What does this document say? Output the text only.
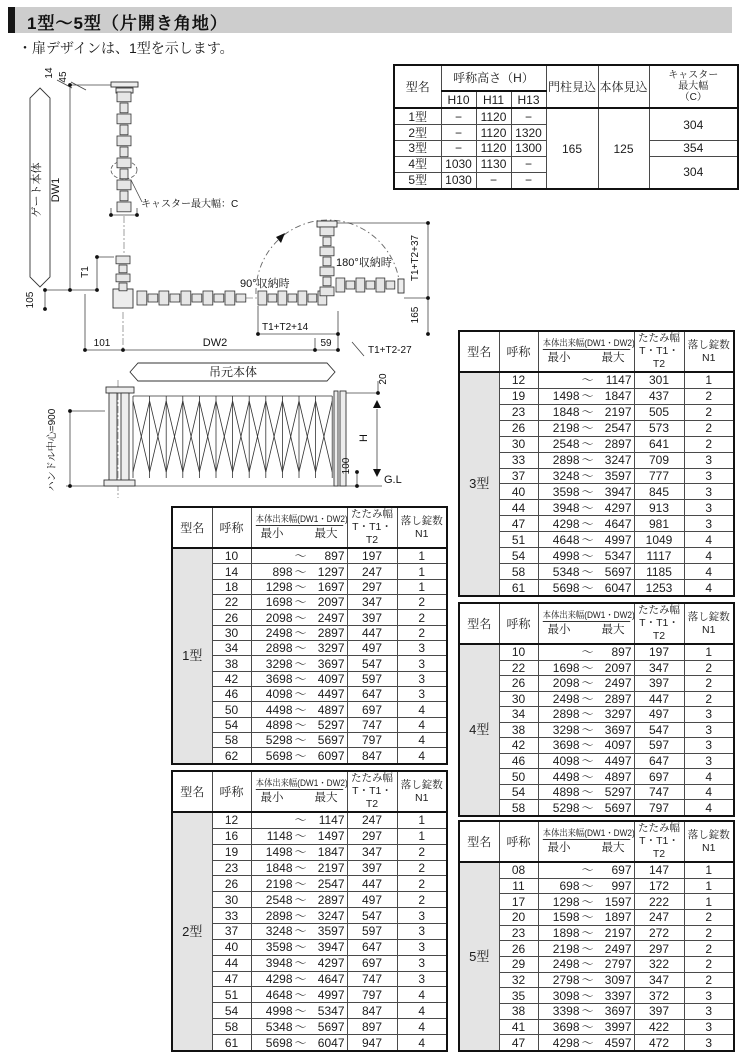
1型～5型（片開き角地）
・扉デザインは、1型を示します。
ゲート本体
14 45
DW1
キャスター最大幅：C
T1
105
90°収納時
180°収納時 T1+T2+37
165
T1+T2+14
101	DW2	59
T1+T2-27
吊元本体
ハンドル中心=900
20
H
100
G.L
型名	呼称高さ（H）			門柱見込	本体見込	キャスター
最大幅
（C）

	H10	H11	H13			
1型	−	1120	−	165	125	304
2型	−	1120	1320			
3型	−	1120	1300			354
4型	1030	1130	−			304
5型	1030	−	−			
型名	呼称	本体出来幅(DW1・DW2)
最小 最大	たたみ幅
T・T1・T2	落し錠数
N1
1型	10	～ 897	197	1
	14	898 ～ 1297	247	1
	18	1298 ～ 1697	297	1
	22	1698 ～ 2097	347	2
	26	2098 ～ 2497	397	2
	30	2498 ～ 2897	447	2
	34	2898 ～ 3297	497	3
	38	3298 ～ 3697	547	3
	42	3698 ～ 4097	597	3
	46	4098 ～ 4497	647	3
	50	4498 ～ 4897	697	4
	54	4898 ～ 5297	747	4
	58	5298 ～ 5697	797	4
	62	5698 ～ 6097	847	4
型名	呼称	本体出来幅(DW1・DW2)
最小 最大	たたみ幅
T・T1・T2	落し錠数
N1
2型	12	～ 1147	247	1
	16	1148 ～ 1497	297	1
	19	1498 ～ 1847	347	2
	23	1848 ～ 2197	397	2
	26	2198 ～ 2547	447	2
	30	2548 ～ 2897	497	2
	33	2898 ～ 3247	547	3
	37	3248 ～ 3597	597	3
	40	3598 ～ 3947	647	3
	44	3948 ～ 4297	697	3
	47	4298 ～ 4647	747	3
	51	4648 ～ 4997	797	4
	54	4998 ～ 5347	847	4
	58	5348 ～ 5697	897	4
	61	5698 ～ 6047	947	4
型名	呼称	本体出来幅(DW1・DW2)
最小 最大	たたみ幅
T・T1・T2	落し錠数
N1
3型	12	～ 1147	301	1
	19	1498 ～ 1847	437	2
	23	1848 ～ 2197	505	2
	26	2198 ～ 2547	573	2
	30	2548 ～ 2897	641	2
	33	2898 ～ 3247	709	3
	37	3248 ～ 3597	777	3
	40	3598 ～ 3947	845	3
	44	3948 ～ 4297	913	3
	47	4298 ～ 4647	981	3
	51	4648 ～ 4997	1049	4
	54	4998 ～ 5347	1117	4
	58	5348 ～ 5697	1185	4
	61	5698 ～ 6047	1253	4
型名	呼称	本体出来幅(DW1・DW2)
最小 最大	たたみ幅
T・T1・T2	落し錠数
N1
4型	10	～ 897	197	1
	22	1698 ～ 2097	347	2
	26	2098 ～ 2497	397	2
	30	2498 ～ 2897	447	2
	34	2898 ～ 3297	497	3
	38	3298 ～ 3697	547	3
	42	3698 ～ 4097	597	3
	46	4098 ～ 4497	647	3
	50	4498 ～ 4897	697	4
	54	4898 ～ 5297	747	4
	58	5298 ～ 5697	797	4
型名	呼称	本体出来幅(DW1・DW2)
最小 最大	たたみ幅
T・T1・T2	落し錠数
N1
5型	08	～ 697	147	1
	11	698 ～ 997	172	1
	17	1298 ～ 1597	222	1
	20	1598 ～ 1897	247	2
	23	1898 ～ 2197	272	2
	26	2198 ～ 2497	297	2
	29	2498 ～ 2797	322	2
	32	2798 ～ 3097	347	2
	35	3098 ～ 3397	372	3
	38	3398 ～ 3697	397	3
	41	3698 ～ 3997	422	3
	47	4298 ～ 4597	472	3
